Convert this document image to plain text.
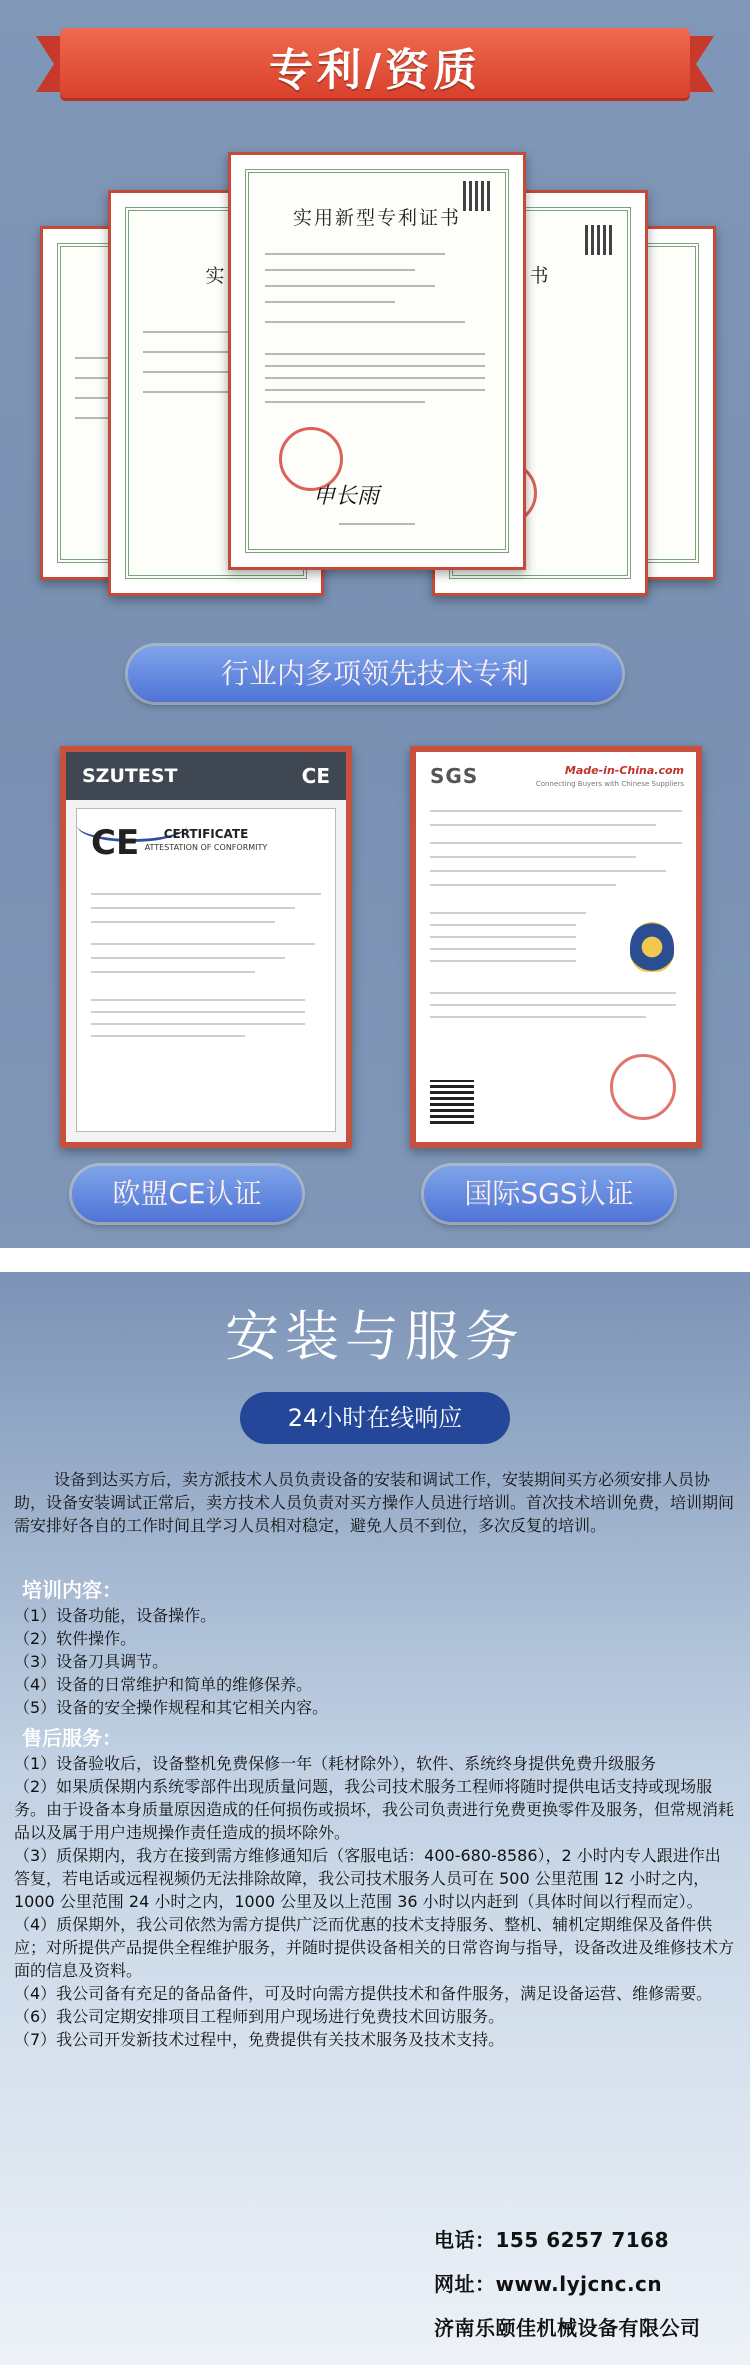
专利/资质
实	书
实用新型专利证书
申长雨
行业内多项领先技术专利
SZUTEST	CE
CE	CERTIFICATE
ATTESTATION OF CONFORMITY
SGS	Made-in-China.com
Connecting Buyers with Chinese Suppliers
欧盟CE认证	国际SGS认证
安装与服务
24小时在线响应
设备到达买方后，卖方派技术人员负责设备的安装和调试工作，安装期间买方必须安排人员协助，设备安装调试正常后，卖方技术人员负责对买方操作人员进行培训。首次技术培训免费，培训期间需安排好各自的工作时间且学习人员相对稳定，避免人员不到位，多次反复的培训。
培训内容：
（1）设备功能，设备操作。
（2）软件操作。
（3）设备刀具调节。
（4）设备的日常维护和简单的维修保养。
（5）设备的安全操作规程和其它相关内容。
售后服务：
（1）设备验收后，设备整机免费保修一年（耗材除外），软件、系统终身提供免费升级服务
（2）如果质保期内系统零部件出现质量问题，我公司技术服务工程师将随时提供电话支持或现场服务。由于设备本身质量原因造成的任何损伤或损坏，我公司负责进行免费更换零件及服务，但常规消耗品以及属于用户违规操作责任造成的损坏除外。
（3）质保期内，我方在接到需方维修通知后（客服电话：400-680-8586），2 小时内专人跟进作出答复，若电话或远程视频仍无法排除故障，我公司技术服务人员可在 500 公里范围 12 小时之内，1000 公里范围 24 小时之内，1000 公里及以上范围 36 小时以内赶到（具体时间以行程而定）。
（4）质保期外，我公司依然为需方提供广泛而优惠的技术支持服务、整机、辅机定期维保及备件供应；对所提供产品提供全程维护服务，并随时提供设备相关的日常咨询与指导，设备改进及维修技术方面的信息及资料。
（4）我公司备有充足的备品备件，可及时向需方提供技术和备件服务，满足设备运营、维修需要。
（6）我公司定期安排项目工程师到用户现场进行免费技术回访服务。
（7）我公司开发新技术过程中，免费提供有关技术服务及技术支持。
电话：155 6257 7168
网址：www.lyjcnc.cn
济南乐颐佳机械设备有限公司
